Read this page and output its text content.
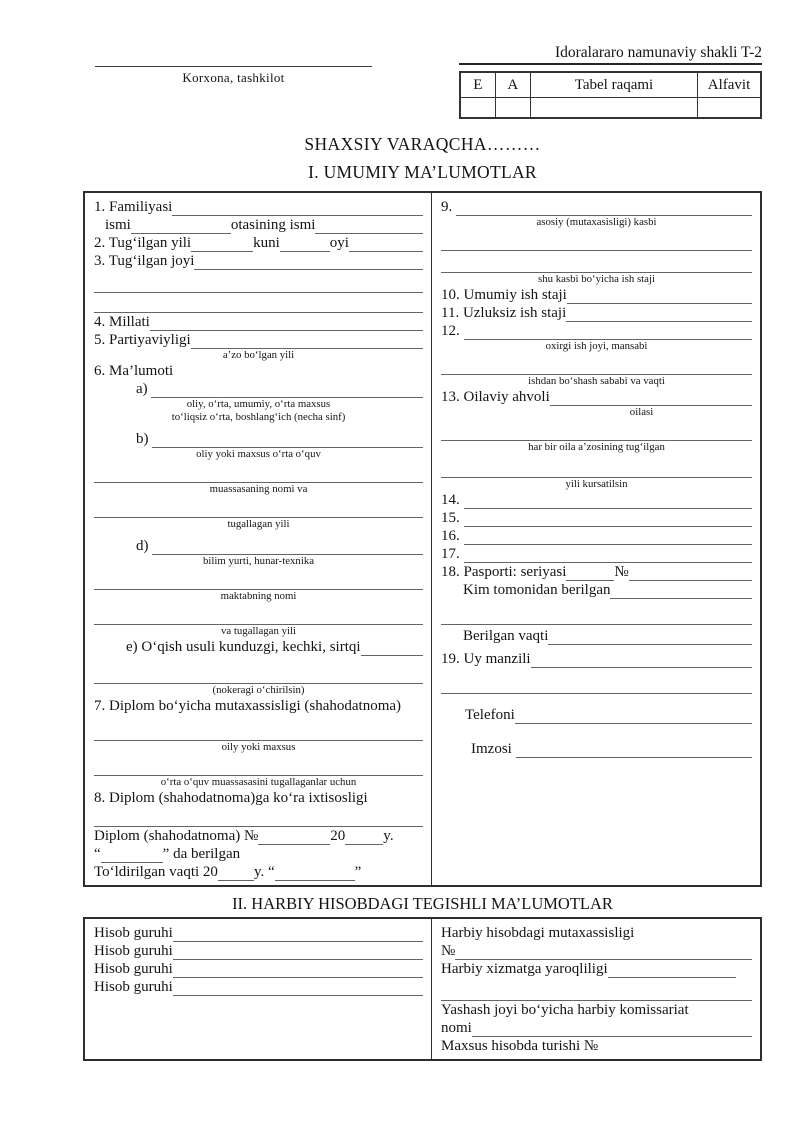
Korxona, tashkilot
Idoralararo namunaviy shakli T-2
E	A	Tabel raqami	Alfavit

SHAXSIY VARAQCHA………
I. UMUMIY MA’LUMOTLAR
1. Familiyasi
ismi	otasining ismi
2. Tug‘ilgan yili	kuni	oyi
3. Tug‘ilgan joyi
4. Millati
5. Partiyaviyligi
a’zo bo‘lgan yili
6. Ma’lumoti
a)
oliy, o‘rta, umumiy, o‘rta maxsus
to‘liqsiz o‘rta, boshlang‘ich (necha sinf)
b)
oliy yoki maxsus o‘rta o‘quv
muassasaning nomi va
tugallagan yili
d)
bilim yurti, hunar-texnika
maktabning nomi
va tugallagan yili
e) O‘qish usuli kunduzgi, kechki, sirtqi
(nokeragi o‘chirilsin)
7. Diplom bo‘yicha mutaxassisligi (shahodatnoma)
oily yoki maxsus
o‘rta o‘quv muassasasini tugallaganlar uchun
8. Diplom (shahodatnoma)ga ko‘ra ixtisosligi
Diplom (shahodatnoma) №	20	y.
“	” da berilgan
To‘ldirilgan vaqti 20 y. “	”
9.
asosiy (mutaxasisligi) kasbi
shu kasbi bo‘yicha ish staji
10. Umumiy ish staji
11. Uzluksiz ish staji
12.
oxirgi ish joyi, mansabi
ishdan bo‘shash sababi va vaqti
13. Oilaviy ahvoli
oilasi
har bir oila a’zosining tug‘ilgan
yili kursatilsin
14.
15.
16.
17.
18. Pasporti: seriyasi	№
Kim tomonidan berilgan
Berilgan vaqti
19. Uy manzili
Telefoni
Imzosi
II. HARBIY HISOBDAGI TEGISHLI MA’LUMOTLAR
Hisob guruhi
Hisob guruhi
Hisob guruhi
Hisob guruhi
Harbiy hisobdagi mutaxassisligi
№
Harbiy xizmatga yaroqliligi
Yashash joyi bo‘yicha harbiy komissariat
nomi
Maxsus hisobda turishi №
